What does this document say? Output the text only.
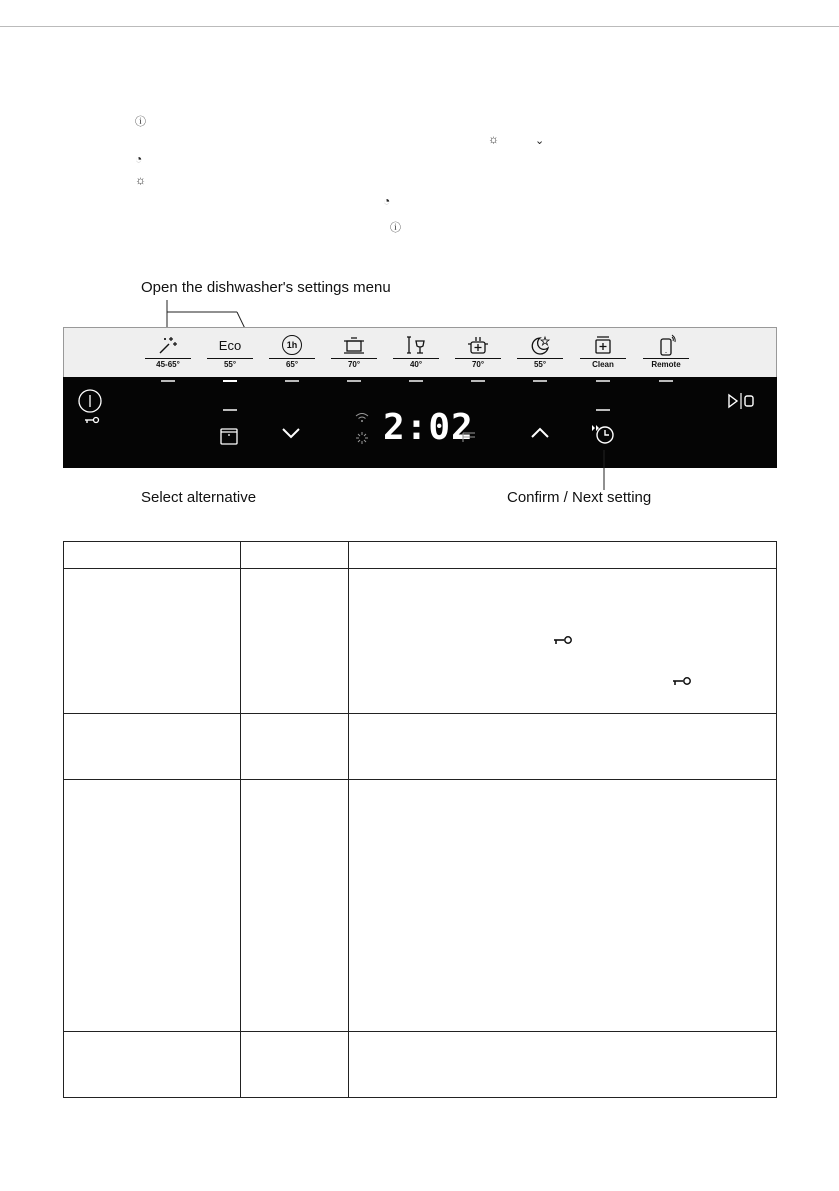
ⓘ
☼	⌄
◔
☼
◔
ⓘ
Open the dishwasher's settings menu
Select alternative	Confirm / Next setting
45-65°
Eco
55°
1h
65°	70°	40°	70°	55°	Clean	Remote
2:02
